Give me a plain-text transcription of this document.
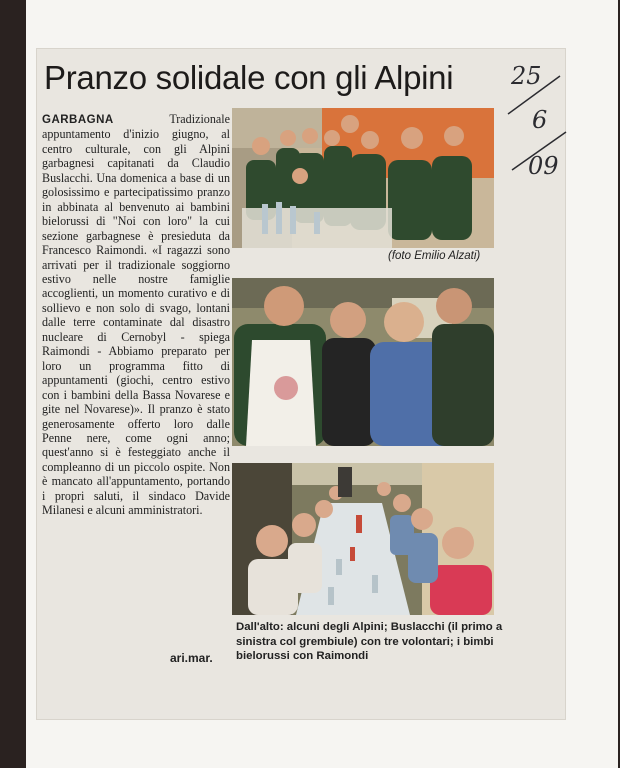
Pranzo solidale con gli Alpini	25
6
09
GARBAGNA	Tradizionale appuntamento d'inizio giugno, al centro culturale, con gli Alpini garbagnesi capitanati da Claudio Buslacchi. Una domenica a base di un golosissimo e partecipatissimo pranzo in abbinata al benvenuto ai bambini bielorussi di "Noi con loro" la cui sezione garbagnese è presieduta da Francesco Raimondi. «I ragazzi sono arrivati per il tradizionale soggiorno estivo nelle nostre famiglie accoglienti, un momento curativo e di sollievo e non solo di svago, lontani dalle terre contaminate dal disastro nucleare di Cernobyl - spiega Raimondi - Abbiamo preparato per loro un programma fitto di appuntamenti (giochi, centro estivo con i bambini della Bassa Novarese e gite nel Novarese)». Il pranzo è stato generosamente offerto loro dalle Penne nere, come ogni anno; quest'anno si è festeggiato anche il compleanno di un piccolo ospite. Non è mancato all'appuntamento, portando i propri saluti, il sindaco Davide Milanesi e alcuni amministratori.
ari.mar.
(foto Emilio Alzati)
Dall'alto: alcuni degli Alpini; Buslacchi (il primo a sinistra col grembiule) con tre volontari; i bimbi bielorussi con Raimondi
